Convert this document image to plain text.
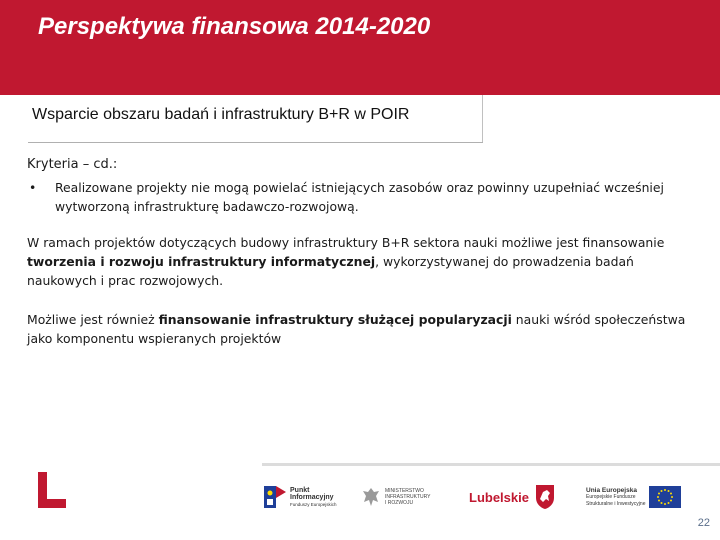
Perspektywa finansowa 2014-2020
Wsparcie obszaru badań i infrastruktury B+R w POIR

Kryteria – cd.:

• Realizowane projekty nie mogą powielać istniejących zasobów oraz powinny uzupełniać wcześniej wytworzoną infrastrukturę badawczo-rozwojową.

W ramach projektów dotyczących budowy infrastruktury B+R sektora nauki możliwe jest finansowanie tworzenia i rozwoju infrastruktury informatycznej, wykorzystywanej do prowadzenia badań naukowych i prac rozwojowych.

Możliwe jest również finansowanie infrastruktury służącej popularyzacji nauki wśród społeczeństwa jako komponentu wspieranych projektów

Punkt
Informacyjny
Funduszy Europejskich
MINISTERSTWO
INFRASTRUKTURY
I ROZWOJU	Lubelskie	Unia Europejska
Europejskie Fundusze
Strukturalne i Inwestycyjne
22
